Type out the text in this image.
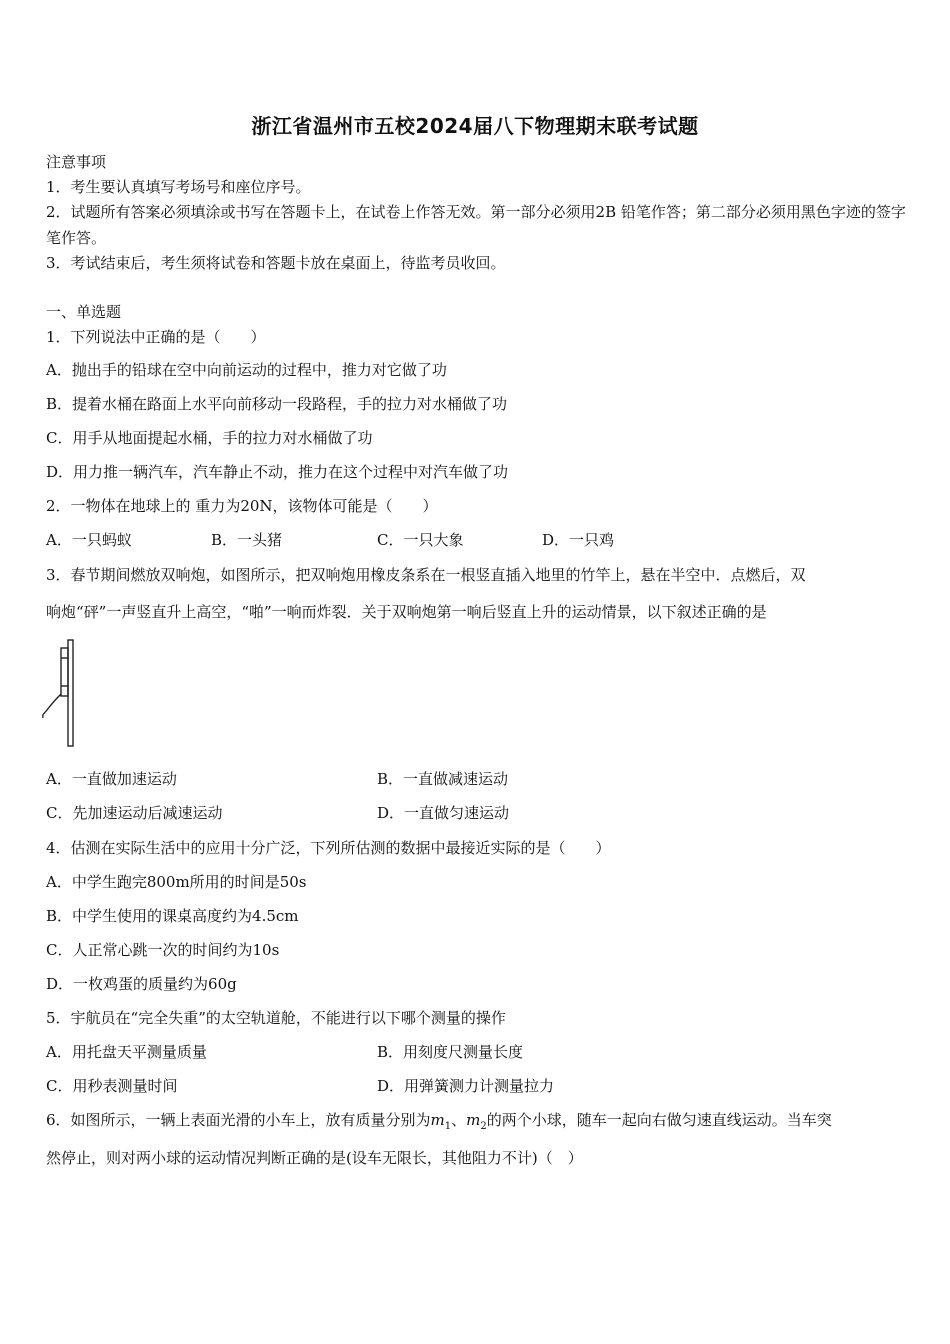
浙江省温州市五校2024届八下物理期末联考试题
注意事项
1．考生要认真填写考场号和座位序号。
2．试题所有答案必须填涂或书写在答题卡上，在试卷上作答无效。第一部分必须用2B 铅笔作答；第二部分必须用黑色字迹的签字笔作答。
3．考试结束后，考生须将试卷和答题卡放在桌面上，待监考员收回。
一、单选题
1．下列说法中正确的是（　　）
A．抛出手的铅球在空中向前运动的过程中，推力对它做了功
B．提着水桶在路面上水平向前移动一段路程，手的拉力对水桶做了功
C．用手从地面提起水桶，手的拉力对水桶做了功
D．用力推一辆汽车，汽车静止不动，推力在这个过程中对汽车做了功
2．一物体在地球上的 重力为20N，该物体可能是（　　）
A．一只蚂蚁	B．一头猪	C．一只大象	D．一只鸡
3．春节期间燃放双响炮，如图所示，把双响炮用橡皮条系在一根竖直插入地里的竹竿上，悬在半空中．点燃后，双
响炮“砰”一声竖直升上高空，“啪”一响而炸裂．关于双响炮第一响后竖直上升的运动情景，以下叙述正确的是
A．一直做加速运动	B．一直做减速运动
C．先加速运动后减速运动	D．一直做匀速运动
4．估测在实际生活中的应用十分广泛，下列所估测的数据中最接近实际的是（　　）
A．中学生跑完800m所用的时间是50s
B．中学生使用的课桌高度约为4.5cm
C．人正常心跳一次的时间约为10s
D．一枚鸡蛋的质量约为60g
5．宇航员在“完全失重”的太空轨道舱，不能进行以下哪个测量的操作
A．用托盘天平测量质量	B．用刻度尺测量长度
C．用秒表测量时间	D．用弹簧测力计测量拉力
6．如图所示，一辆上表面光滑的小车上，放有质量分别为$m_1$、$m_2$的两个小球，随车一起向右做匀速直线运动。当车突
然停止，则对两小球的运动情况判断正确的是(设车无限长，其他阻力不计)（　）
